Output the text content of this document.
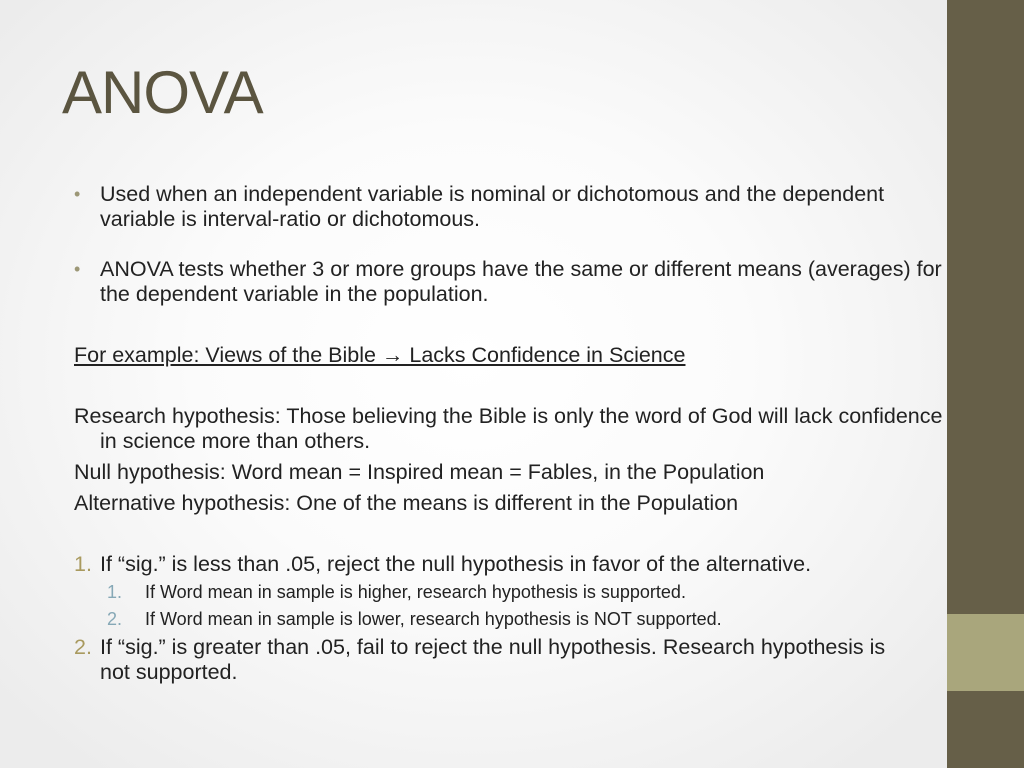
ANOVA
• Used when an independent variable is nominal or dichotomous and the dependent variable is interval-ratio or dichotomous.
• ANOVA tests whether 3 or more groups have the same or different means (averages) for the dependent variable in the population.
For example: Views of the Bible → Lacks Confidence in Science
Research hypothesis: Those believing the Bible is only the word of God will lack confidence in science more than others.
Null hypothesis: Word mean = Inspired mean = Fables, in the Population
Alternative hypothesis: One of the means is different in the Population
1. If “sig.” is less than .05, reject the null hypothesis in favor of the alternative.
1. If Word mean in sample is higher, research hypothesis is supported.
2. If Word mean in sample is lower, research hypothesis is NOT supported.
2. If “sig.” is greater than .05, fail to reject the null hypothesis. Research hypothesis is not supported.
